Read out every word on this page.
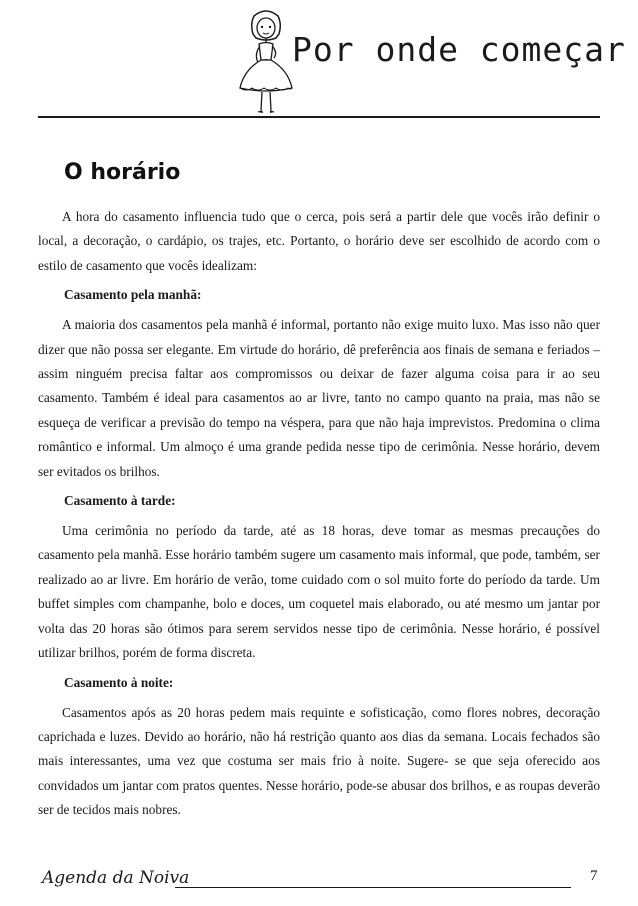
Por onde começar
O horário

A hora do casamento influencia tudo que o cerca, pois será a partir dele que vocês irão definir o local, a decoração, o cardápio, os trajes, etc. Portanto, o horário deve ser escolhido de acordo com o estilo de casamento que vocês idealizam:

Casamento pela manhã:

A maioria dos casamentos pela manhã é informal, portanto não exige muito luxo. Mas isso não quer dizer que não possa ser elegante. Em virtude do horário, dê preferência aos finais de semana e feriados – assim ninguém precisa faltar aos compromissos ou deixar de fazer alguma coisa para ir ao seu casamento. Também é ideal para casamentos ao ar livre, tanto no campo quanto na praia, mas não se esqueça de verificar a previsão do tempo na véspera, para que não haja imprevistos. Predomina o clima romântico e informal. Um almoço é uma grande pedida nesse tipo de cerimônia. Nesse horário, devem ser evitados os brilhos.

Casamento à tarde:

Uma cerimônia no período da tarde, até as 18 horas, deve tomar as mesmas precauções do casamento pela manhã. Esse horário também sugere um casamento mais informal, que pode, também, ser realizado ao ar livre. Em horário de verão, tome cuidado com o sol muito forte do período da tarde. Um buffet simples com champanhe, bolo e doces, um coquetel mais elaborado, ou até mesmo um jantar por volta das 20 horas são ótimos para serem servidos nesse tipo de cerimônia. Nesse horário, é possível utilizar brilhos, porém de forma discreta.

Casamento à noite:

Casamentos após as 20 horas pedem mais requinte e sofisticação, como flores nobres, decoração caprichada e luzes. Devido ao horário, não há restrição quanto aos dias da semana. Locais fechados são mais interessantes, uma vez que costuma ser mais frio à noite. Sugere- se que seja oferecido aos convidados um jantar com pratos quentes. Nesse horário, pode-se abusar dos brilhos, e as roupas deverão ser de tecidos mais nobres.

Agenda da Noiva	7
